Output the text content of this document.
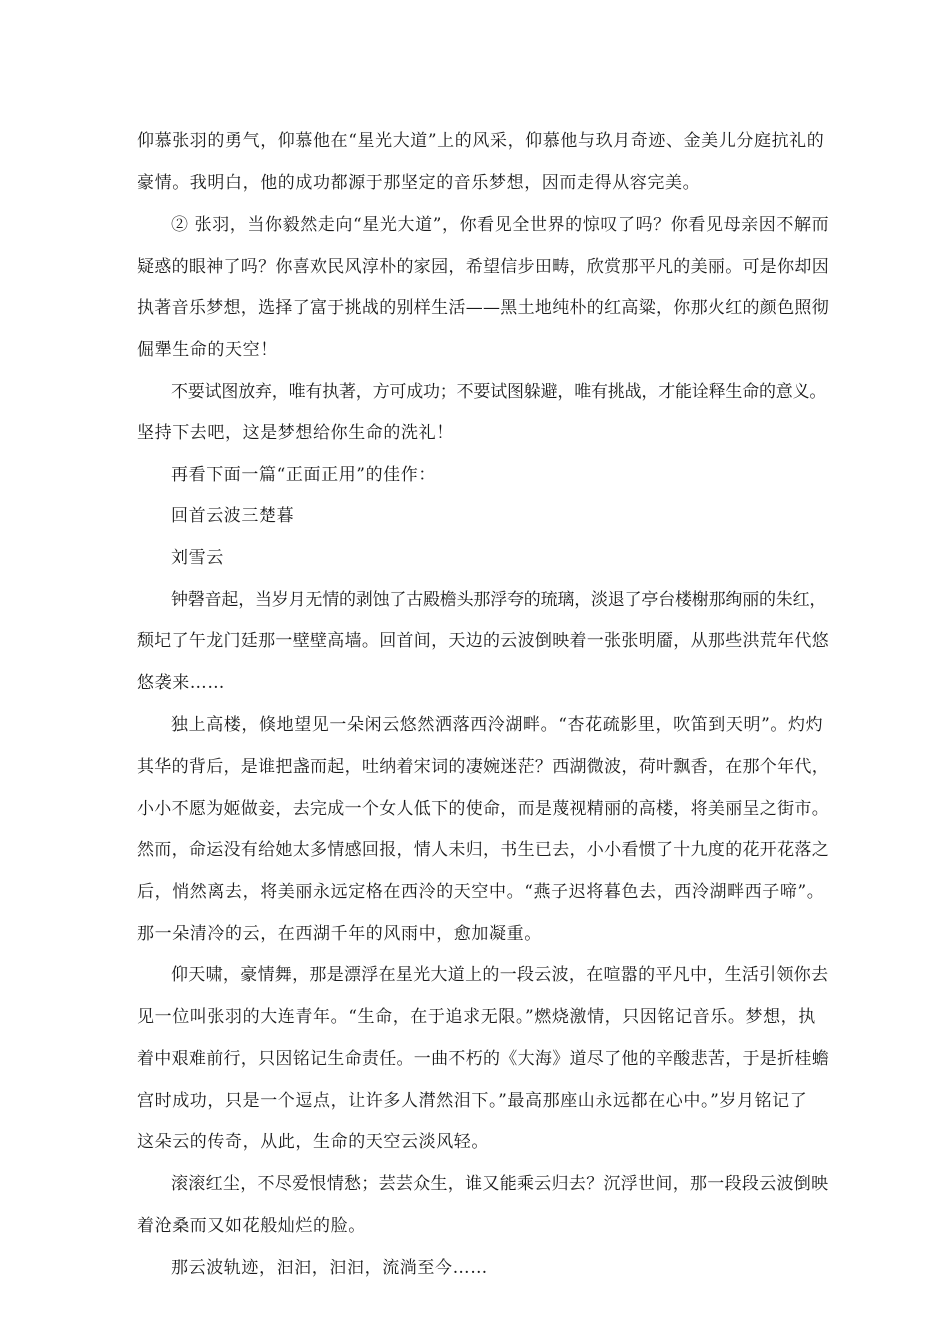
仰慕张羽的勇气，仰慕他在“星光大道”上的风采，仰慕他与玖月奇迹、金美儿分庭抗礼的
豪情。我明白，他的成功都源于那坚定的音乐梦想，因而走得从容完美。
② 张羽，当你毅然走向“星光大道”，你看见全世界的惊叹了吗？你看见母亲因不解而
疑惑的眼神了吗？你喜欢民风淳朴的家园，希望信步田畴，欣赏那平凡的美丽。可是你却因
执著音乐梦想，选择了富于挑战的别样生活——黑土地纯朴的红高粱，你那火红的颜色照彻
倔犟生命的天空！
不要试图放弃，唯有执著，方可成功；不要试图躲避，唯有挑战，才能诠释生命的意义。
坚持下去吧，这是梦想给你生命的洗礼！
再看下面一篇“正面正用”的佳作：
回首云波三楚暮
刘雪云
钟磬音起，当岁月无情的剥蚀了古殿檐头那浮夸的琉璃，淡退了亭台楼榭那绚丽的朱红，
颓圮了午龙门廷那一壁壁高墙。回首间，天边的云波倒映着一张张明靥，从那些洪荒年代悠
悠袭来……
独上高楼，倏地望见一朵闲云悠然洒落西泠湖畔。“杏花疏影里，吹笛到天明”。灼灼
其华的背后，是谁把盏而起，吐纳着宋词的凄婉迷茫？西湖微波，荷叶飘香，在那个年代，
小小不愿为姬做妾，去完成一个女人低下的使命，而是蔑视精丽的高楼，将美丽呈之街市。
然而，命运没有给她太多情感回报，情人未归，书生已去，小小看惯了十九度的花开花落之
后，悄然离去，将美丽永远定格在西泠的天空中。“燕子迟将暮色去，西泠湖畔西子啼”。
那一朵清冷的云，在西湖千年的风雨中，愈加凝重。
仰天啸，豪情舞，那是漂浮在星光大道上的一段云波，在喧嚣的平凡中，生活引领你去
见一位叫张羽的大连青年。“生命，在于追求无限。”燃烧激情，只因铭记音乐。梦想，执
着中艰难前行，只因铭记生命责任。一曲不朽的《大海》道尽了他的辛酸悲苦，于是折桂蟾
宫时成功，只是一个逗点，让许多人潸然泪下。”最高那座山永远都在心中。”岁月铭记了
这朵云的传奇，从此，生命的天空云淡风轻。
滚滚红尘，不尽爱恨情愁；芸芸众生，谁又能乘云归去？沉浮世间，那一段段云波倒映
着沧桑而又如花般灿烂的脸。
那云波轨迹，汩汩，汩汩，流淌至今……
